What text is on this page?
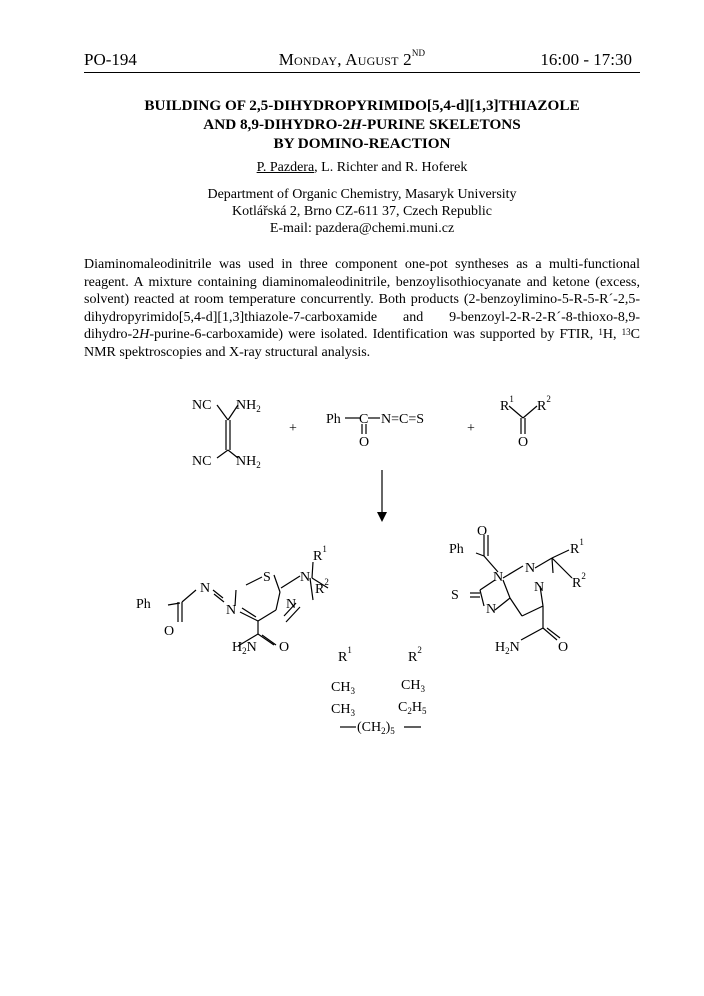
PO-194	Monday, August 2ND	16:00 - 17:30
BUILDING OF 2,5-DIHYDROPYRIMIDO[5,4-d][1,3]THIAZOLE
AND 8,9-DIHYDRO-2H-PURINE SKELETONS
BY DOMINO-REACTION
P. Pazdera, L. Richter and R. Hoferek
Department of Organic Chemistry, Masaryk University
Kotlářská 2, Brno CZ-611 37, Czech Republic
E-mail: pazdera@chemi.muni.cz
Diaminomaleodinitrile was used in three component one-pot syntheses as a multi-functional reagent. A mixture containing diaminomaleodinitrile, benzoylisothiocyanate and ketone (excess, solvent) reacted at room temperature concurrently. Both products (2-benzoylimino-5-R-5-R´-2,5-dihydropyrimido[5,4-d][1,3]thiazole-7-carboxamide and 9-benzoyl-2-R-2-R´-8-thioxo-8,9-dihydro-2H-purine-6-carboxamide) were isolated. Identification was supported by FTIR, $^1$H, $^{13}$C NMR spektroscopies and X-ray structural analysis.
+	+
NC $NH_2$
NC $NH_2$
Ph C N=C=S
O
$R^1$ $R^2$
O
S N
$R^1$
$R^2$
N
N
N
Ph
O
$H_2N$ O
Ph
O
N
N
$R^1$
$R^2$
N
S
N
$H_2N$	O
$R^1$	$R^2$
$CH_3$	$CH_3$
$CH_3$	$C_2H_5$
$(CH_2)_5$
